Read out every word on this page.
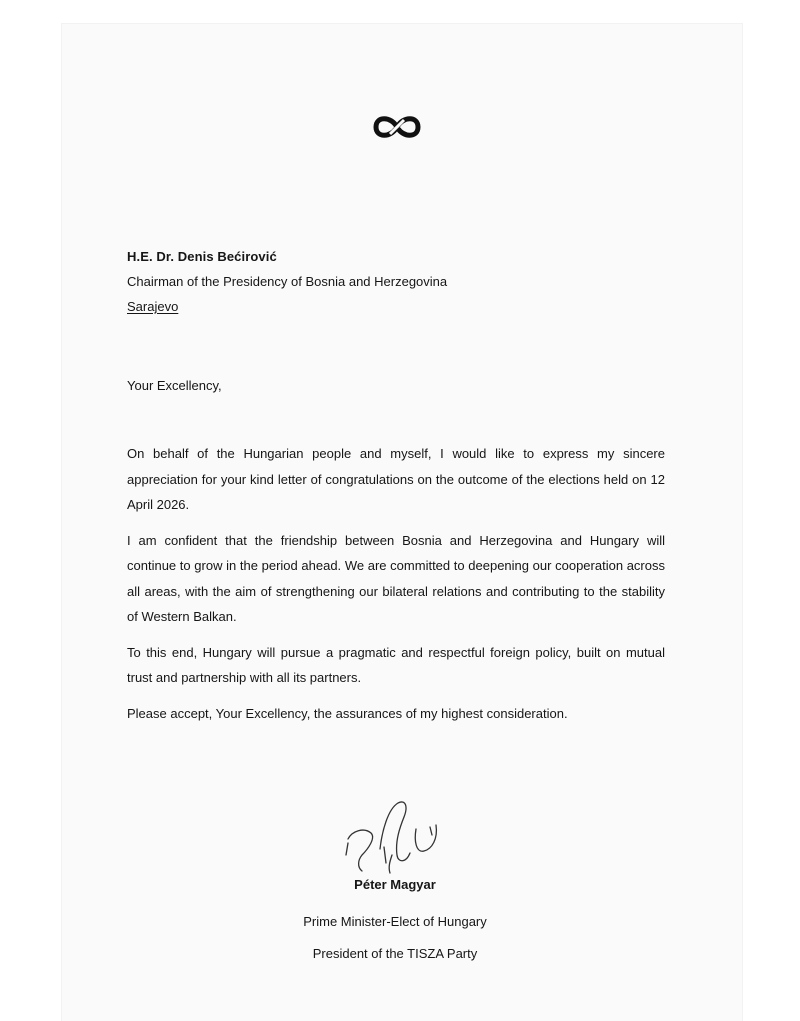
H.E. Dr. Denis Bećirović
Chairman of the Presidency of Bosnia and Herzegovina
Sarajevo
Your Excellency,

On behalf of the Hungarian people and myself, I would like to express my sincere appreciation for your kind letter of congratulations on the outcome of the elections held on 12 April 2026.

I am confident that the friendship between Bosnia and Herzegovina and Hungary will continue to grow in the period ahead. We are committed to deepening our cooperation across all areas, with the aim of strengthening our bilateral relations and contributing to the stability of Western Balkan.

To this end, Hungary will pursue a pragmatic and respectful foreign policy, built on mutual trust and partnership with all its partners.

Please accept, Your Excellency, the assurances of my highest consideration.

Péter Magyar
Prime Minister-Elect of Hungary
President of the TISZA Party
